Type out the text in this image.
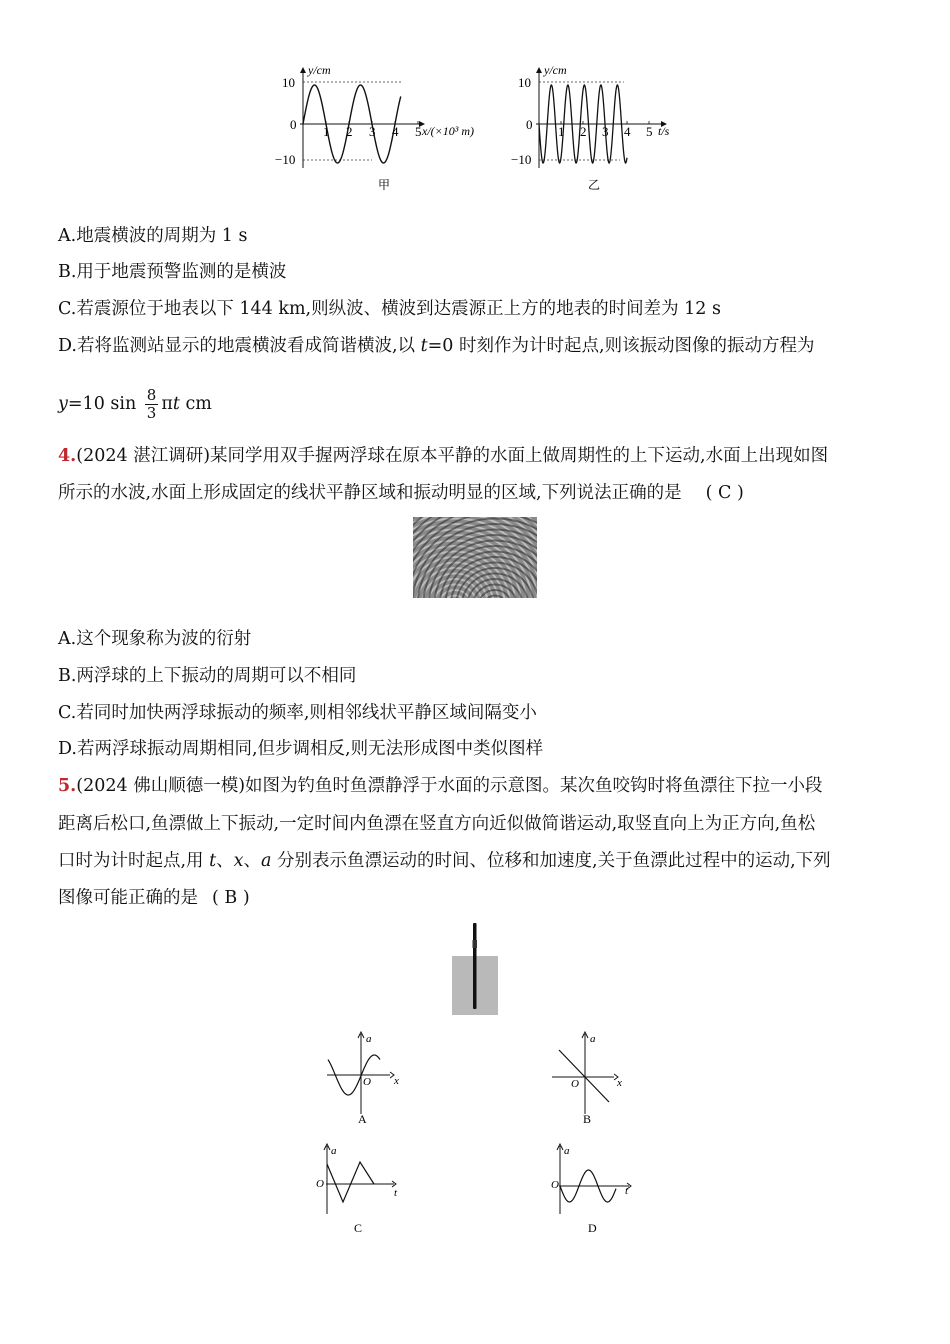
y/cm
10
0
−10
1 2 3 4 5 x/(×10³ m)
甲
y/cm
10
0
−10
1 2 3 4 5 t/s
乙
A.地震横波的周期为 1 s
B.用于地震预警监测的是横波
C.若震源位于地表以下 144 km,则纵波、横波到达震源正上方的地表的时间差为 12 s
D.若将监测站显示的地震横波看成简谐横波,以 t=0 时刻作为计时起点,则该振动图像的振动方程为
y=10 $\sin \frac{8}{3}$ πt cm
4.(2024 湛江调研)某同学用双手握两浮球在原本平静的水面上做周期性的上下运动,水面上出现如图
所示的水波,水面上形成固定的线状平静区域和振动明显的区域,下列说法正确的是 ( C )
A.这个现象称为波的衍射
B.两浮球的上下振动的周期可以不相同
C.若同时加快两浮球振动的频率,则相邻线状平静区域间隔变小
D.若两浮球振动周期相同,但步调相反,则无法形成图中类似图样
5.(2024 佛山顺德一模)如图为钓鱼时鱼漂静浮于水面的示意图。某次鱼咬钩时将鱼漂往下拉一小段
距离后松口,鱼漂做上下振动,一定时间内鱼漂在竖直方向近似做简谐运动,取竖直向上为正方向,鱼松
口时为计时起点,用 t、x、a 分别表示鱼漂运动的时间、位移和加速度,关于鱼漂此过程中的运动,下列
图像可能正确的是 ( B )
a
x
O
A
a
x
O
B
a
t
O
C
a
t
O
D
